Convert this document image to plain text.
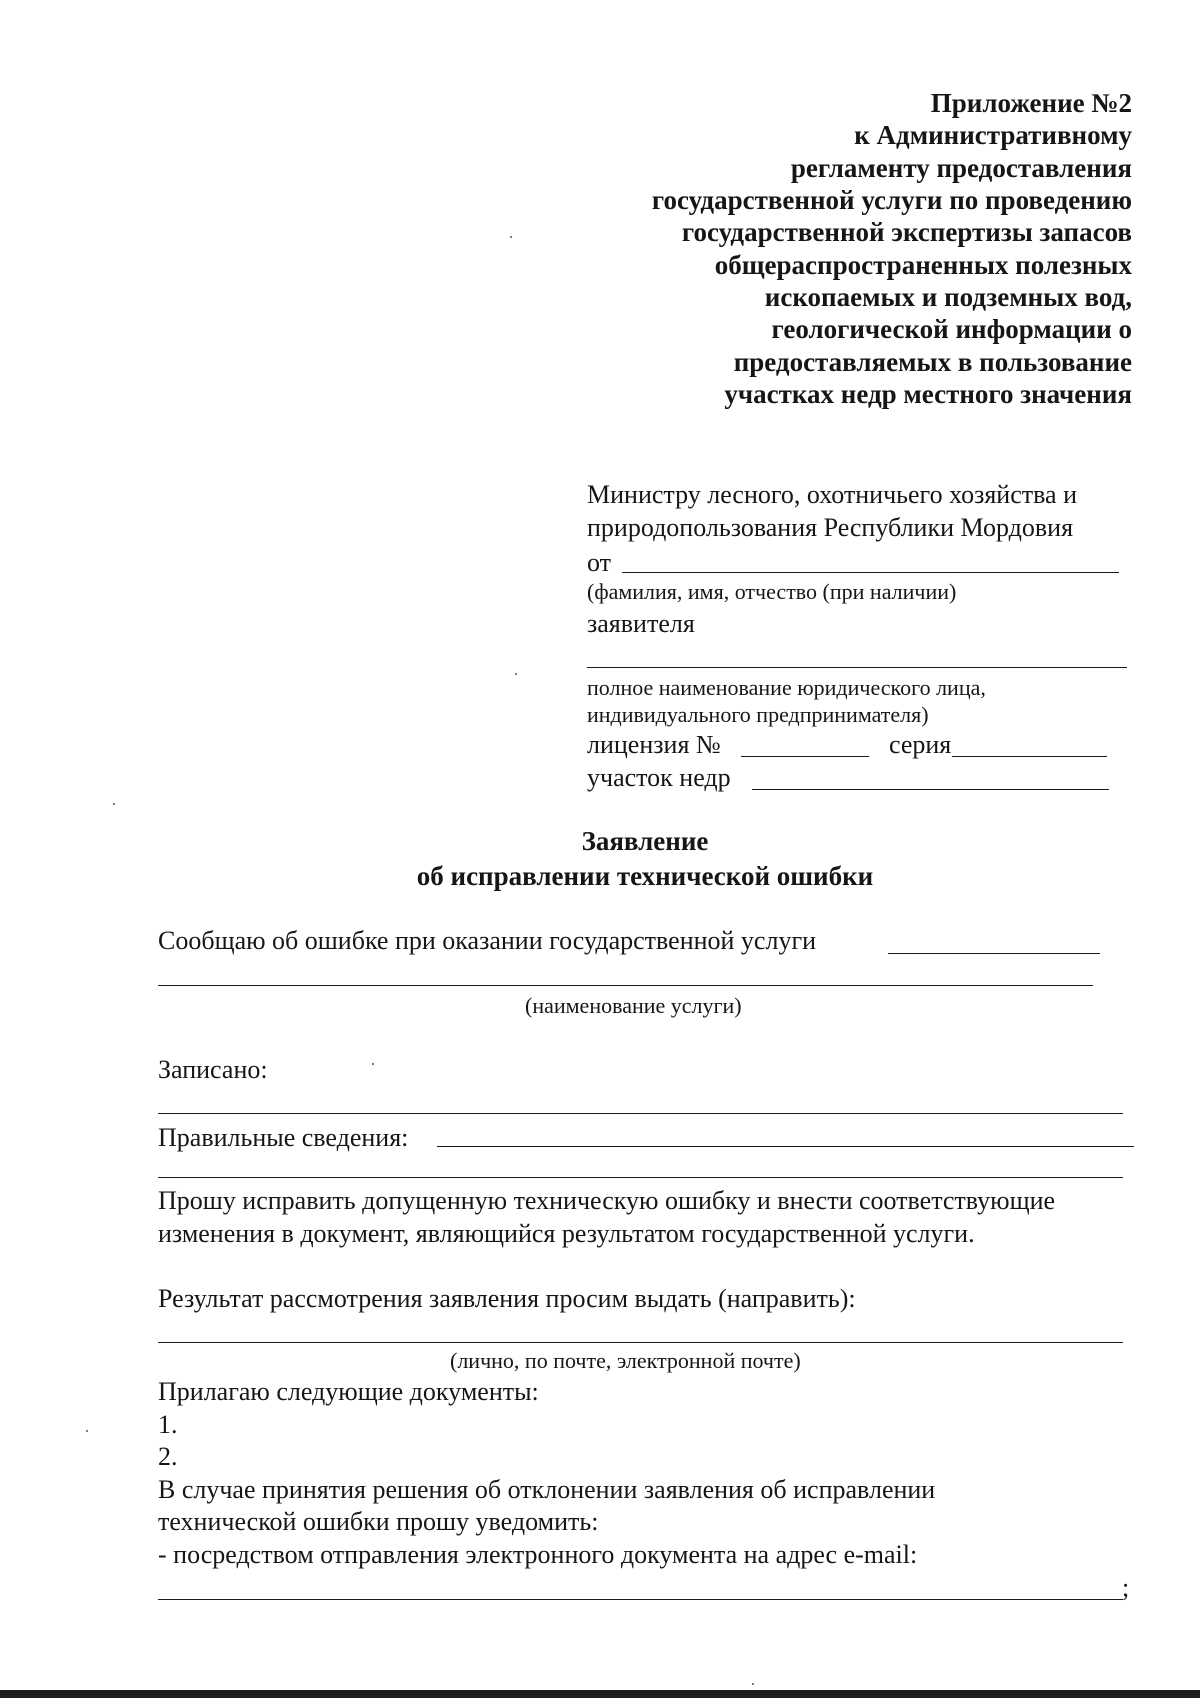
Приложение №2
к Административному
регламенту предоставления
государственной услуги по проведению
государственной экспертизы запасов
общераспространенных полезных
ископаемых и подземных вод,
геологической информации о
предоставляемых в пользование
участках недр местного значения
Министру лесного, охотничьего хозяйства и
природопользования Республики Мордовия
от
(фамилия, имя, отчество (при наличии)
заявителя
полное наименование юридического лица,
индивидуального предпринимателя)
лицензия №	серия
участок недр
Заявление
об исправлении технической ошибки
Сообщаю об ошибке при оказании государственной услуги
(наименование услуги)
Записано:
Правильные сведения:
Прошу исправить допущенную техническую ошибку и внести соответствующие
изменения в документ, являющийся результатом государственной услуги.
Результат рассмотрения заявления просим выдать (направить):
(лично, по почте, электронной почте)
Прилагаю следующие документы:
1.
2.
В случае принятия решения об отклонении заявления об исправлении
технической ошибки прошу уведомить:
- посредством отправления электронного документа на адрес e-mail:
;
